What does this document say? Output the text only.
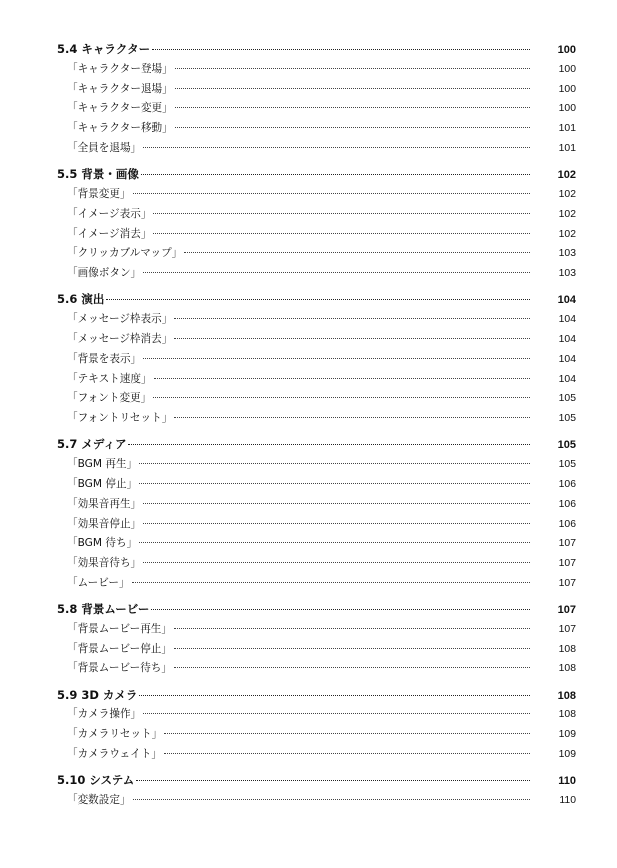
5.4 キャラクター	100
「キャラクター登場」	100
「キャラクター退場」	100
「キャラクター変更」	100
「キャラクター移動」	101
「全員を退場」	101
5.5 背景・画像	102
「背景変更」	102
「イメージ表示」	102
「イメージ消去」	102
「クリッカブルマップ」	103
「画像ボタン」	103
5.6 演出	104
「メッセージ枠表示」	104
「メッセージ枠消去」	104
「背景を表示」	104
「テキスト速度」	104
「フォント変更」	105
「フォントリセット」	105
5.7 メディア	105
「BGM 再生」	105
「BGM 停止」	106
「効果音再生」	106
「効果音停止」	106
「BGM 待ち」	107
「効果音待ち」	107
「ムービー」	107
5.8 背景ムービー	107
「背景ムービー再生」	107
「背景ムービー停止」	108
「背景ムービー待ち」	108
5.9 3D カメラ	108
「カメラ操作」	108
「カメラリセット」	109
「カメラウェイト」	109
5.10 システム	110
「変数設定」	110
